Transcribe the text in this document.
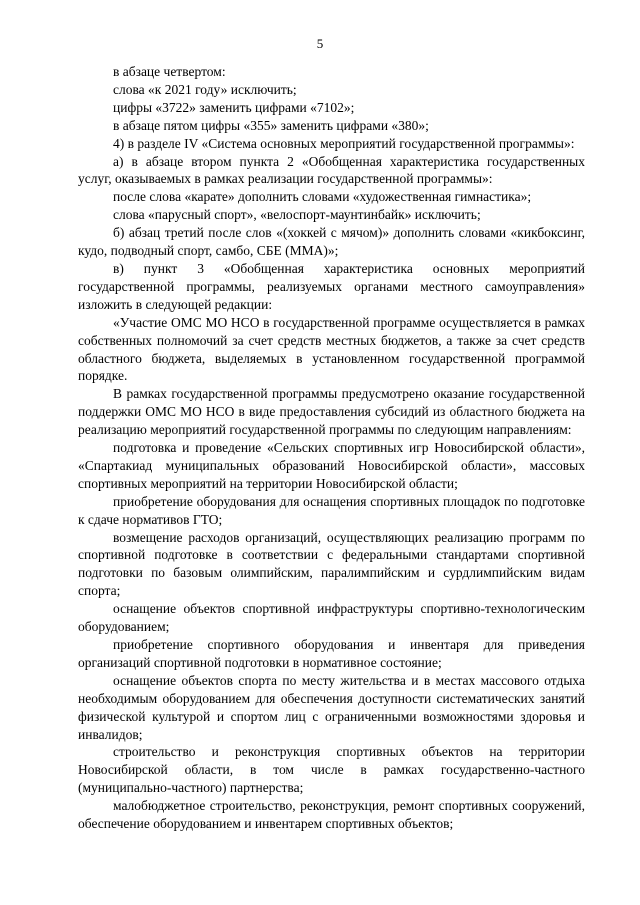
5

в абзаце четвертом:

слова «к 2021 году» исключить;

цифры «3722» заменить цифрами «7102»;

в абзаце пятом цифры «355» заменить цифрами «380»;

4) в разделе IV «Система основных мероприятий государственной программы»:

а) в абзаце втором пункта 2 «Обобщенная характеристика государственных услуг, оказываемых в рамках реализации государственной программы»:

после слова «карате» дополнить словами «художественная гимнастика»;

слова «парусный спорт», «велоспорт-маунтинбайк» исключить;

б) абзац третий после слов «(хоккей с мячом)» дополнить словами «кикбоксинг, кудо, подводный спорт, самбо, СБЕ (ММА)»;

в) пункт 3 «Обобщенная характеристика основных мероприятий государственной программы, реализуемых органами местного самоуправления» изложить в следующей редакции:

«Участие ОМС МО НСО в государственной программе осуществляется в рамках собственных полномочий за счет средств местных бюджетов, а также за счет средств областного бюджета, выделяемых в установленном государственной программой порядке.

В рамках государственной программы предусмотрено оказание государственной поддержки ОМС МО НСО в виде предоставления субсидий из областного бюджета на реализацию мероприятий государственной программы по следующим направлениям:

подготовка и проведение «Сельских спортивных игр Новосибирской области», «Спартакиад муниципальных образований Новосибирской области», массовых спортивных мероприятий на территории Новосибирской области;

приобретение оборудования для оснащения спортивных площадок по подготовке к сдаче нормативов ГТО;

возмещение расходов организаций, осуществляющих реализацию программ по спортивной подготовке в соответствии с федеральными стандартами спортивной подготовки по базовым олимпийским, паралимпийским и сурдлимпийским видам спорта;

оснащение объектов спортивной инфраструктуры спортивно-технологическим оборудованием;

приобретение спортивного оборудования и инвентаря для приведения организаций спортивной подготовки в нормативное состояние;

оснащение объектов спорта по месту жительства и в местах массового отдыха необходимым оборудованием для обеспечения доступности систематических занятий физической культурой и спортом лиц с ограниченными возможностями здоровья и инвалидов;

строительство и реконструкция спортивных объектов на территории Новосибирской области, в том числе в рамках государственно-частного (муниципально-частного) партнерства;

малобюджетное строительство, реконструкция, ремонт спортивных сооружений, обеспечение оборудованием и инвентарем спортивных объектов;
